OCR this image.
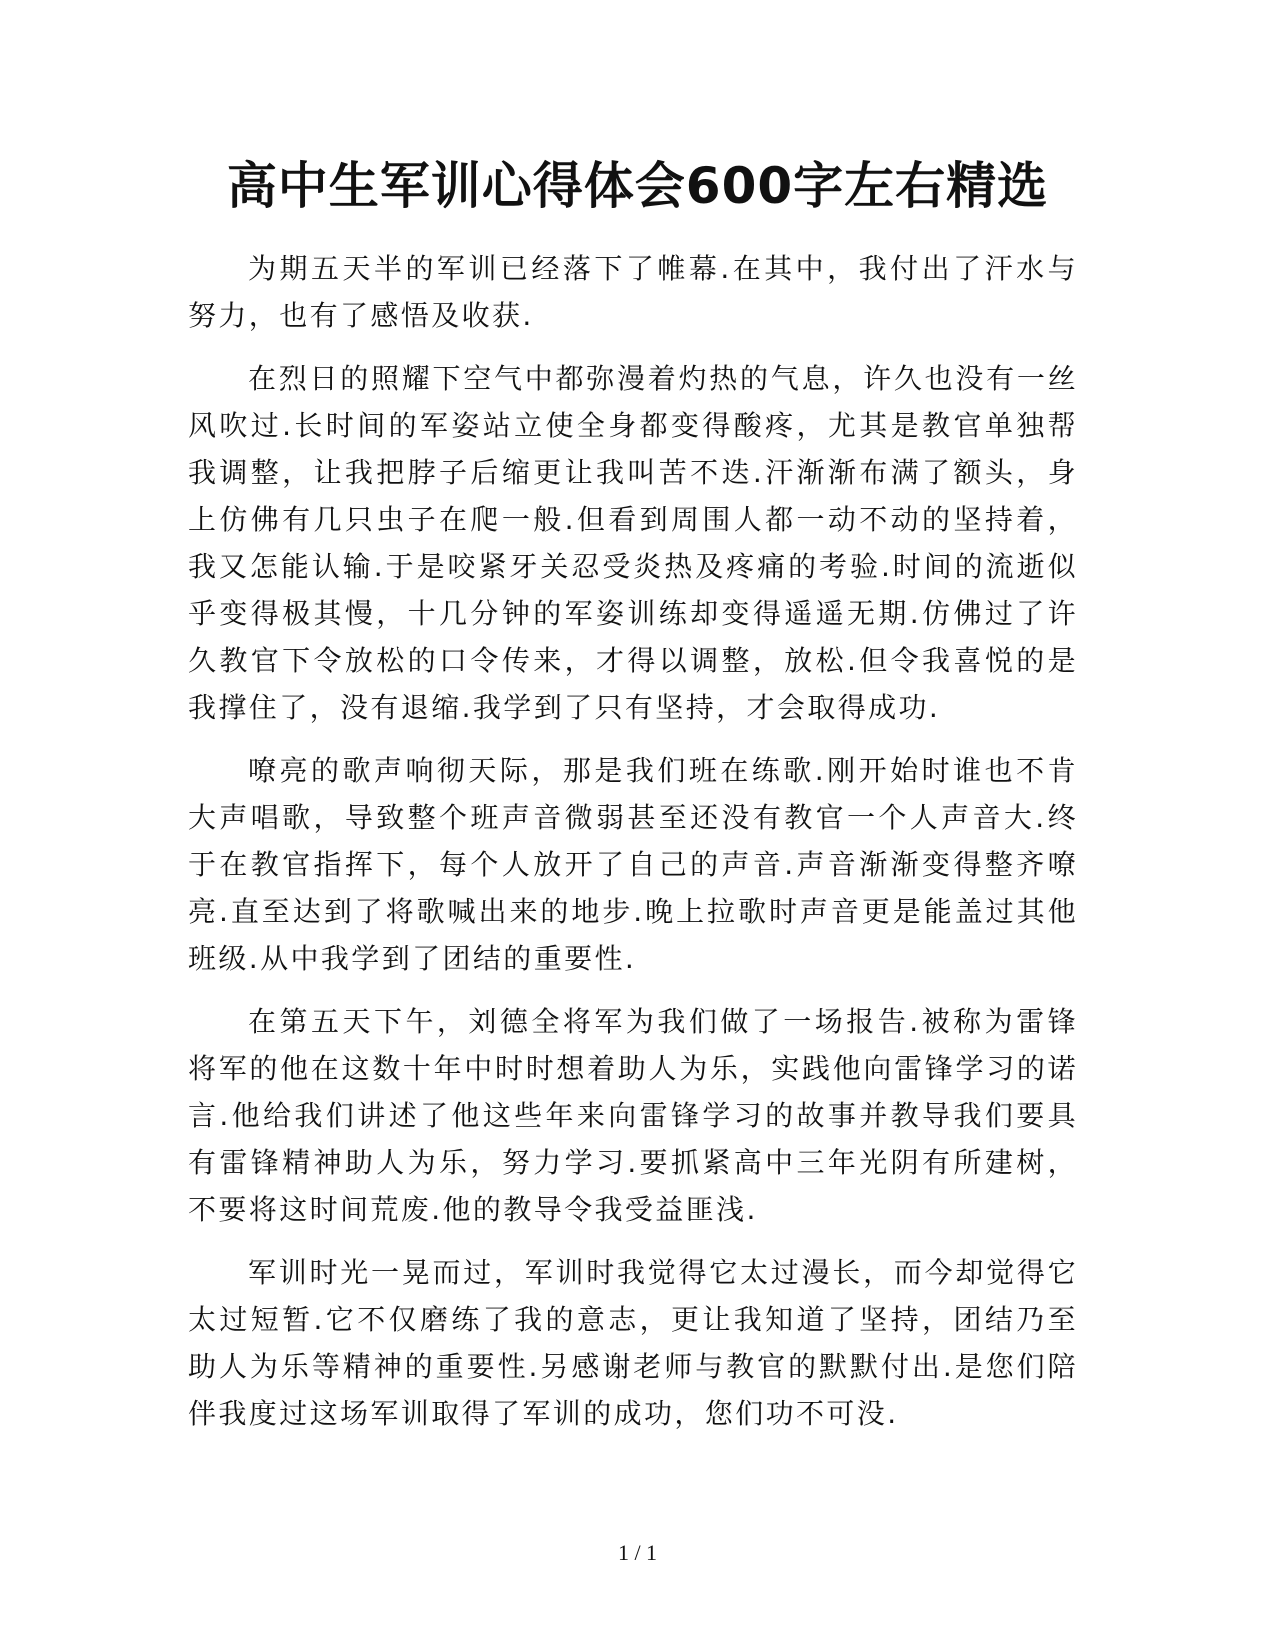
高中生军训心得体会600字左右精选

为期五天半的军训已经落下了帷幕.在其中，我付出了汗水与努力，也有了感悟及收获.

在烈日的照耀下空气中都弥漫着灼热的气息，许久也没有一丝风吹过.长时间的军姿站立使全身都变得酸疼，尤其是教官单独帮我调整，让我把脖子后缩更让我叫苦不迭.汗渐渐布满了额头，身上仿佛有几只虫子在爬一般.但看到周围人都一动不动的坚持着，我又怎能认输.于是咬紧牙关忍受炎热及疼痛的考验.时间的流逝似乎变得极其慢，十几分钟的军姿训练却变得遥遥无期.仿佛过了许久教官下令放松的口令传来，才得以调整，放松.但令我喜悦的是我撑住了，没有退缩.我学到了只有坚持，才会取得成功.

嘹亮的歌声响彻天际，那是我们班在练歌.刚开始时谁也不肯大声唱歌，导致整个班声音微弱甚至还没有教官一个人声音大.终于在教官指挥下，每个人放开了自己的声音.声音渐渐变得整齐嘹亮.直至达到了将歌喊出来的地步.晚上拉歌时声音更是能盖过其他班级.从中我学到了团结的重要性.

在第五天下午，刘德全将军为我们做了一场报告.被称为雷锋将军的他在这数十年中时时想着助人为乐，实践他向雷锋学习的诺言.他给我们讲述了他这些年来向雷锋学习的故事并教导我们要具有雷锋精神助人为乐，努力学习.要抓紧高中三年光阴有所建树，不要将这时间荒废.他的教导令我受益匪浅.

军训时光一晃而过，军训时我觉得它太过漫长，而今却觉得它太过短暂.它不仅磨练了我的意志，更让我知道了坚持，团结乃至助人为乐等精神的重要性.另感谢老师与教官的默默付出.是您们陪伴我度过这场军训取得了军训的成功，您们功不可没.

1 / 1
